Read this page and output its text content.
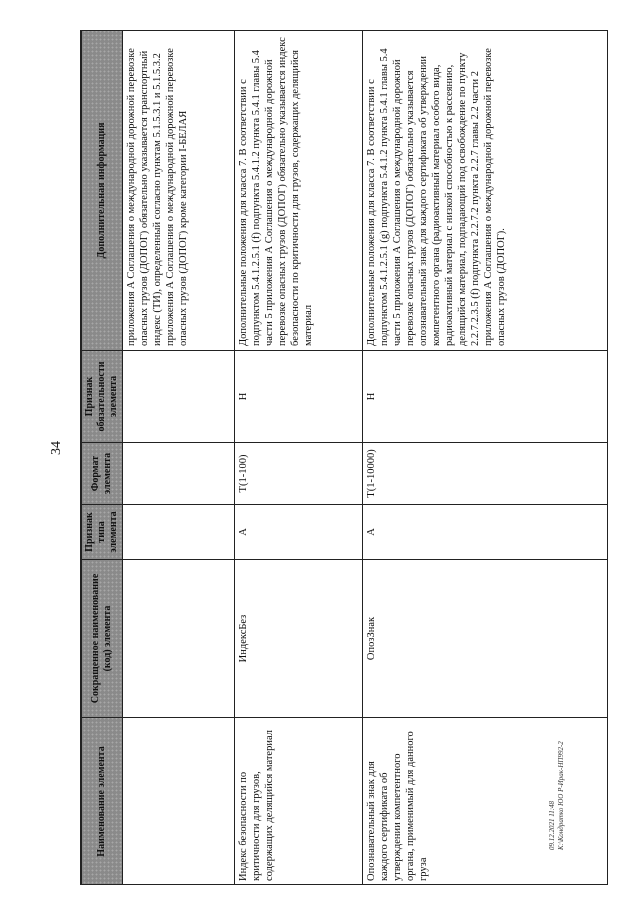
34
Наименование элемента	Сокращенное наименование (код) элемента	Признак типа элемента	Формат элемента	Признак обязательности элемента	Дополнительная информация
					приложения А Соглашения о международной дорожной перевозке опасных грузов (ДОПОГ) обязательно указывается транспортный индекс (ТИ), определенный согласно пунктам 5.1.5.3.1 и 5.1.5.3.2 приложения А Соглашения о международной дорожной перевозке опасных грузов (ДОПОГ) кроме категории I-БЕЛАЯ
Индекс безопасности по критичности для грузов, содержащих делящийся материал	ИндексБез	А	Т(1-100)	Н	Дополнительные положения для класса 7. В соответствии с подпунктом 5.4.1.2.5.1 (f) подпункта 5.4.1.2 пункта 5.4.1 главы 5.4 части 5 приложения А Соглашения о международной дорожной перевозке опасных грузов (ДОПОГ) обязательно указывается индекс безопасности по критичности для грузов, содержащих делящийся материал
Опознавательный знак для каждого сертификата об утверждении компетентного органа, применимый для данного груза	ОпозЗнак	А	Т(1-10000)	Н	Дополнительные положения для класса 7. В соответствии с подпунктом 5.4.1.2.5.1 (g) подпункта 5.4.1.2 пункта 5.4.1 главы 5.4 части 5 приложения А Соглашения о международной дорожной перевозке опасных грузов (ДОПОГ) обязательно указывается опознавательный знак для каждого сертификата об утверждении компетентного органа (радиоактивный материал особого вида, радиоактивный материал с низкой способностью к рассеянию, делящийся материал, подпадающий под освобождение по пункту 2.2.7.2.3.5 (f) подпункта 2.2.7.2 пункта 2.2.7 главы 2.2 части 2 приложения А Соглашения о международной дорожной перевозке опасных грузов (ДОПОГ).
09.12.2021 11:48 К:\Кондратко ЮО Р-Ирак-НП992-2
